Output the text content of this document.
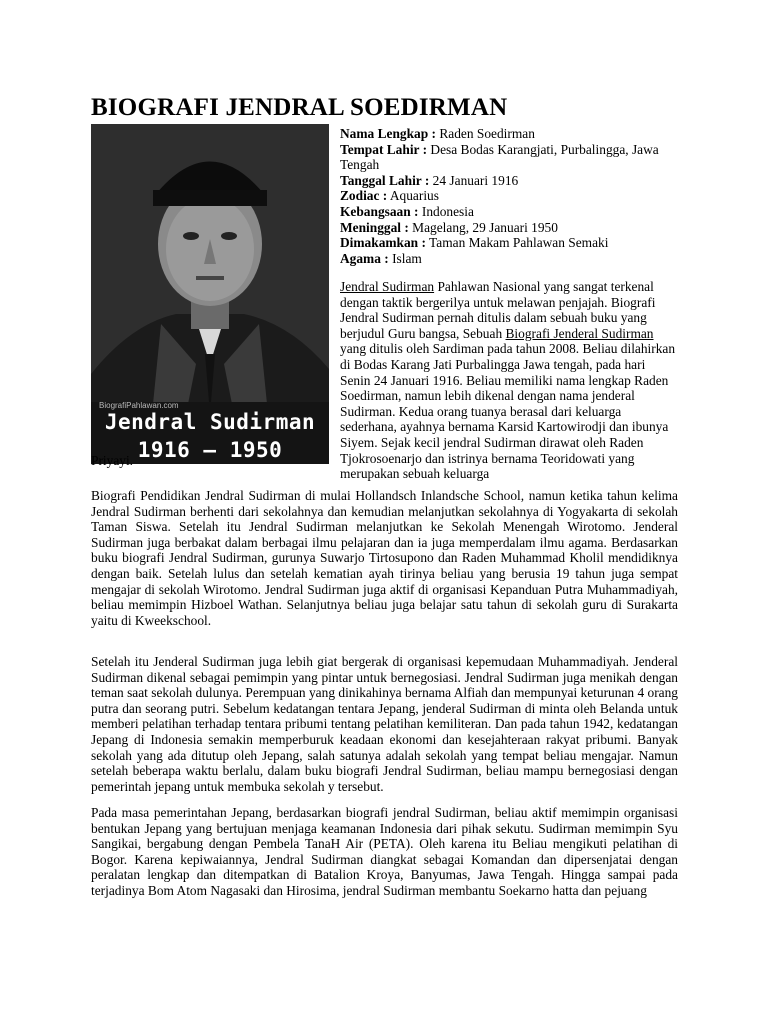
BIOGRAFI JENDRAL SOEDIRMAN
BiografiPahlawan.com
Jendral Sudirman
1916 – 1950
Nama Lengkap : Raden Soedirman
Tempat Lahir : Desa Bodas Karangjati, Purbalingga, Jawa Tengah
Tanggal Lahir : 24 Januari 1916
Zodiac : Aquarius
Kebangsaan : Indonesia
Meninggal : Magelang, 29 Januari 1950
Dimakamkan : Taman Makam Pahlawan Semaki
Agama : Islam
Jendral Sudirman Pahlawan Nasional yang sangat terkenal dengan taktik bergerilya untuk melawan penjajah. Biografi Jendral Sudirman pernah ditulis dalam sebuah buku yang berjudul Guru bangsa, Sebuah Biografi Jenderal Sudirman yang ditulis oleh Sardiman pada tahun 2008. Beliau dilahirkan di Bodas Karang Jati Purbalingga Jawa tengah, pada hari Senin 24 Januari 1916. Beliau memiliki nama lengkap Raden Soedirman, namun lebih dikenal dengan nama jenderal Sudirman. Kedua orang tuanya berasal dari keluarga sederhana, ayahnya bernama Karsid Kartowirodji dan ibunya Siyem. Sejak kecil jendral Sudirman dirawat oleh Raden Tjokrosoenarjo dan istrinya bernama Teoridowati yang merupakan sebuah keluarga
Priyayi.

Biografi Pendidikan Jendral Sudirman di mulai Hollandsch Inlandsche School, namun ketika tahun kelima Jendral Sudirman berhenti dari sekolahnya dan kemudian melanjutkan sekolahnya di Yogyakarta di sekolah Taman Siswa. Setelah itu Jendral Sudirman melanjutkan ke Sekolah Menengah Wirotomo. Jenderal Sudirman juga berbakat dalam berbagai ilmu pelajaran dan ia juga memperdalam ilmu agama. Berdasarkan buku biografi Jendral Sudirman, gurunya Suwarjo Tirtosupono dan Raden Muhammad Kholil mendidiknya dengan baik. Setelah lulus dan setelah kematian ayah tirinya beliau yang berusia 19 tahun juga sempat mengajar di sekolah Wirotomo. Jendral Sudirman juga aktif di organisasi Kepanduan Putra Muhammadiyah, beliau memimpin Hizboel Wathan. Selanjutnya beliau juga belajar satu tahun di sekolah guru di Surakarta yaitu di Kweekschool.

Setelah itu Jenderal Sudirman juga lebih giat bergerak di organisasi kepemudaan Muhammadiyah. Jenderal Sudirman dikenal sebagai pemimpin yang pintar untuk bernegosiasi. Jendral Sudirman juga menikah dengan teman saat sekolah dulunya. Perempuan yang dinikahinya bernama Alfiah dan mempunyai keturunan 4 orang putra dan seorang putri. Sebelum kedatangan tentara Jepang, jenderal Sudirman di minta oleh Belanda untuk memberi pelatihan terhadap tentara pribumi tentang pelatihan kemiliteran. Dan pada tahun 1942, kedatangan Jepang di Indonesia semakin memperburuk keadaan ekonomi dan kesejahteraan rakyat pribumi. Banyak sekolah yang ada ditutup oleh Jepang, salah satunya adalah sekolah yang tempat beliau mengajar. Namun setelah beberapa waktu berlalu, dalam buku biografi Jendral Sudirman, beliau mampu bernegosiasi dengan pemerintah jepang untuk membuka sekolah y tersebut.

Pada masa pemerintahan Jepang, berdasarkan biografi jendral Sudirman, beliau aktif memimpin organisasi bentukan Jepang yang bertujuan menjaga keamanan Indonesia dari pihak sekutu. Sudirman memimpin Syu Sangikai, bergabung dengan Pembela TanaH Air (PETA). Oleh karena itu Beliau mengikuti pelatihan di Bogor. Karena kepiwaiannya, Jendral Sudirman diangkat sebagai Komandan dan dipersenjatai dengan peralatan lengkap dan ditempatkan di Batalion Kroya, Banyumas, Jawa Tengah. Hingga sampai pada terjadinya Bom Atom Nagasaki dan Hirosima, jendral Sudirman membantu Soekarno hatta dan pejuang
